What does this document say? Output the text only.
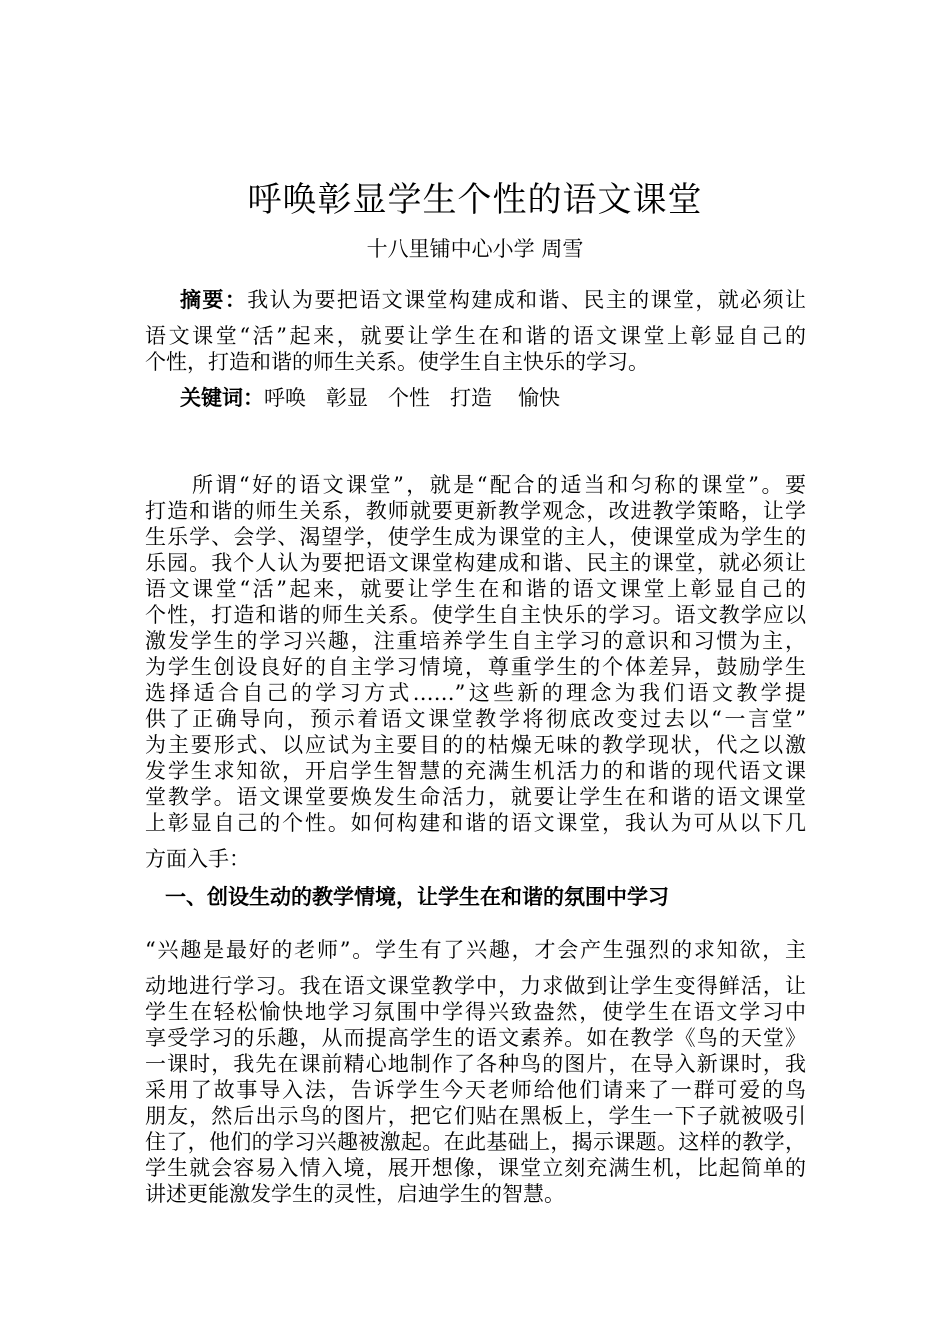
呼唤彰显学生个性的语文课堂
十八里铺中心小学 周雪
摘要：我认为要把语文课堂构建成和谐、民主的课堂，就必须让
语文课堂“活”起来，就要让学生在和谐的语文课堂上彰显自己的
个性，打造和谐的师生关系。使学生自主快乐的学习。
关键词：呼唤 彰显 个性 打造 愉快
　　所谓“好的语文课堂”，就是“配合的适当和匀称的课堂”。要
打造和谐的师生关系，教师就要更新教学观念，改进教学策略，让学
生乐学、会学、渴望学，使学生成为课堂的主人，使课堂成为学生的
乐园。我个人认为要把语文课堂构建成和谐、民主的课堂，就必须让
语文课堂“活”起来，就要让学生在和谐的语文课堂上彰显自己的
个性，打造和谐的师生关系。使学生自主快乐的学习。语文教学应以
激发学生的学习兴趣，注重培养学生自主学习的意识和习惯为主，
为学生创设良好的自主学习情境，尊重学生的个体差异，鼓励学生
选择适合自己的学习方式……”这些新的理念为我们语文教学提
供了正确导向，预示着语文课堂教学将彻底改变过去以“一言堂”
为主要形式、以应试为主要目的的枯燥无味的教学现状，代之以激
发学生求知欲，开启学生智慧的充满生机活力的和谐的现代语文课
堂教学。语文课堂要焕发生命活力，就要让学生在和谐的语文课堂
上彰显自己的个性。如何构建和谐的语文课堂，我认为可从以下几
方面入手：
一、创设生动的教学情境，让学生在和谐的氛围中学习
“兴趣是最好的老师”。学生有了兴趣，才会产生强烈的求知欲，主
动地进行学习。我在语文课堂教学中，力求做到让学生变得鲜活，让
学生在轻松愉快地学习氛围中学得兴致盎然，使学生在语文学习中
享受学习的乐趣，从而提高学生的语文素养。如在教学《鸟的天堂》
一课时，我先在课前精心地制作了各种鸟的图片，在导入新课时，我
采用了故事导入法，告诉学生今天老师给他们请来了一群可爱的鸟
朋友，然后出示鸟的图片，把它们贴在黑板上，学生一下子就被吸引
住了，他们的学习兴趣被激起。在此基础上，揭示课题。这样的教学，
学生就会容易入情入境，展开想像，课堂立刻充满生机，比起简单的
讲述更能激发学生的灵性，启迪学生的智慧。
